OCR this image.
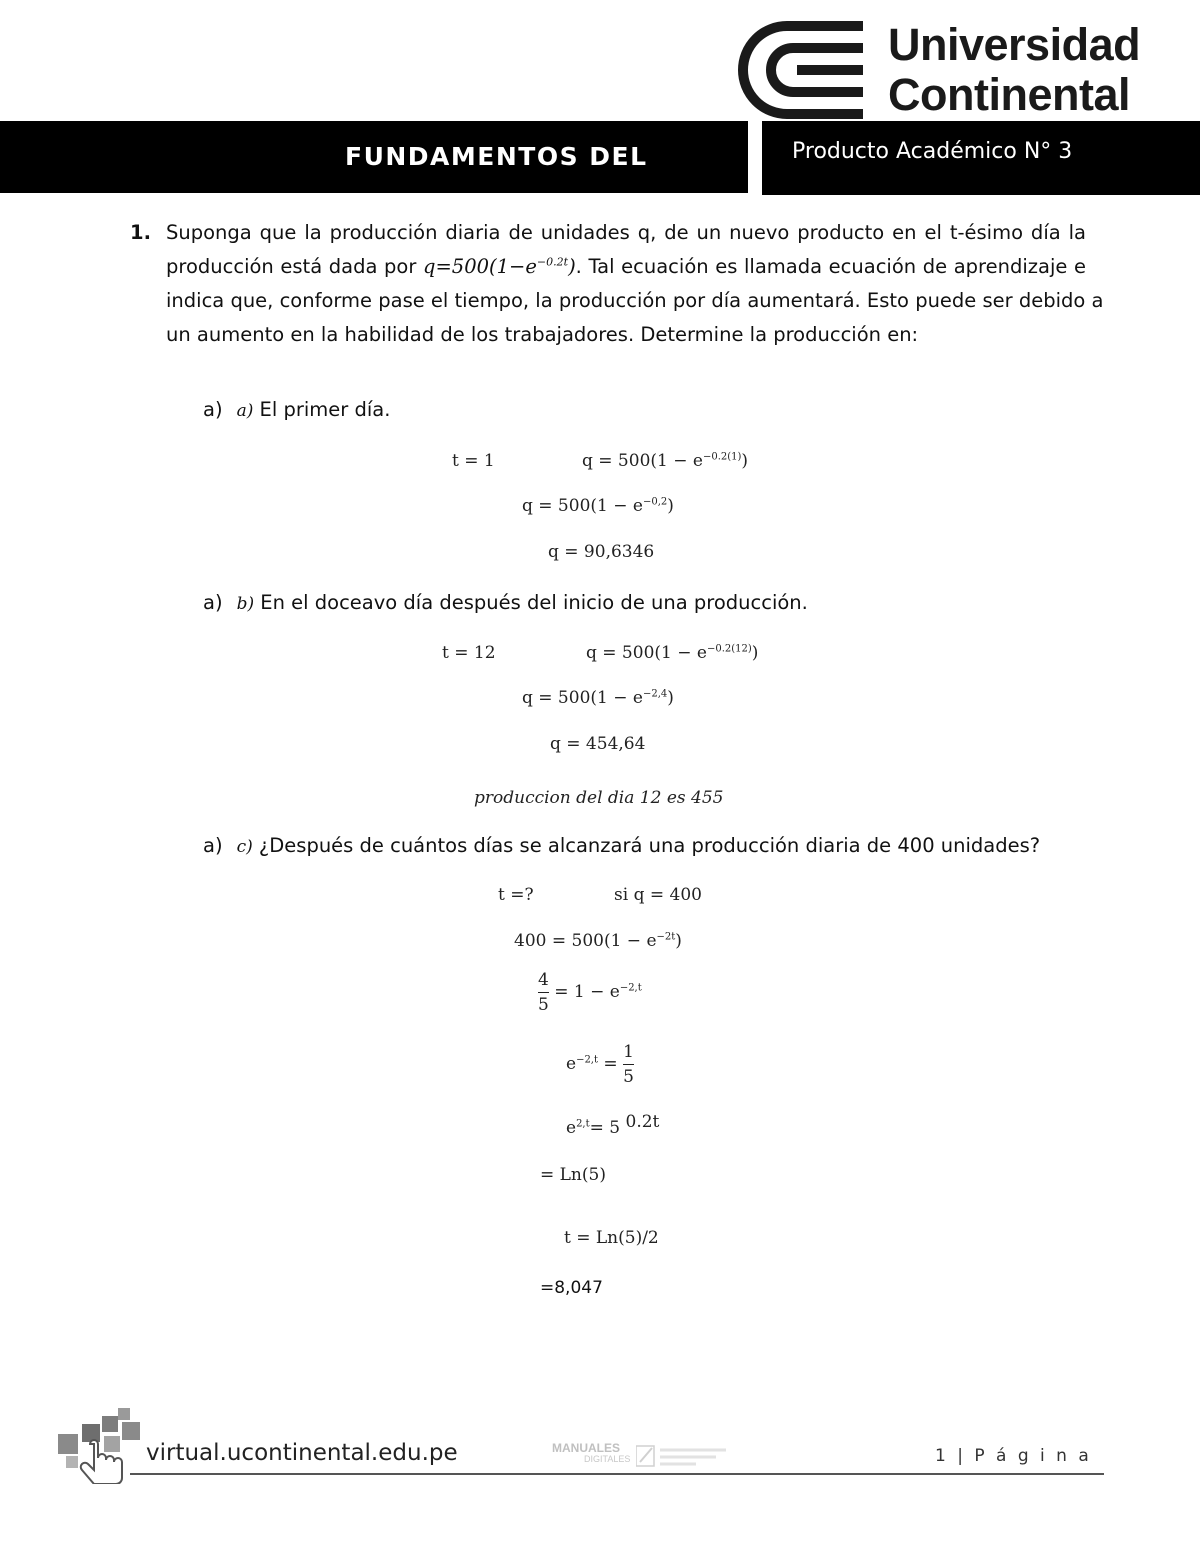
Universidad
Continental
FUNDAMENTOS DEL	Producto Académico N° 3
1. Suponga que la producción diaria de unidades q, de un nuevo producto en el t-ésimo día la
producción está dada por $q=500(1-e^{-0.2t})$. Tal ecuación es llamada ecuación de aprendizaje e
indica que, conforme pase el tiempo, la producción por día aumentará. Esto puede ser debido a
un aumento en la habilidad de los trabajadores. Determine la producción en:
a) a) El primer día.
t = 1	$q = 500(1 - e^{-0.2(1)})$
$q = 500(1 - e^{-0,2})$
q = 90,6346
a) b) En el doceavo día después del inicio de una producción.
t = 12	$q = 500(1 - e^{-0.2(12)})$
$q = 500(1 - e^{-2,4})$
q = 454,64
produccion del dia 12 es 455
a) c) ¿Después de cuántos días se alcanzará una producción diaria de 400 unidades?
t =?	si q = 400
$400 = 500(1 - e^{-2t})$
$\frac{4}{5} = 1 - e^{-2,t}$
$e^{-2,t} = \frac{1}{5}$
$e^{2,t}= 5$ 0.2t
= Ln(5)
t = Ln(5)/2
=8,047
virtual.ucontinental.edu.pe	MANUALES
DIGITALES	1 | P á g i n a
